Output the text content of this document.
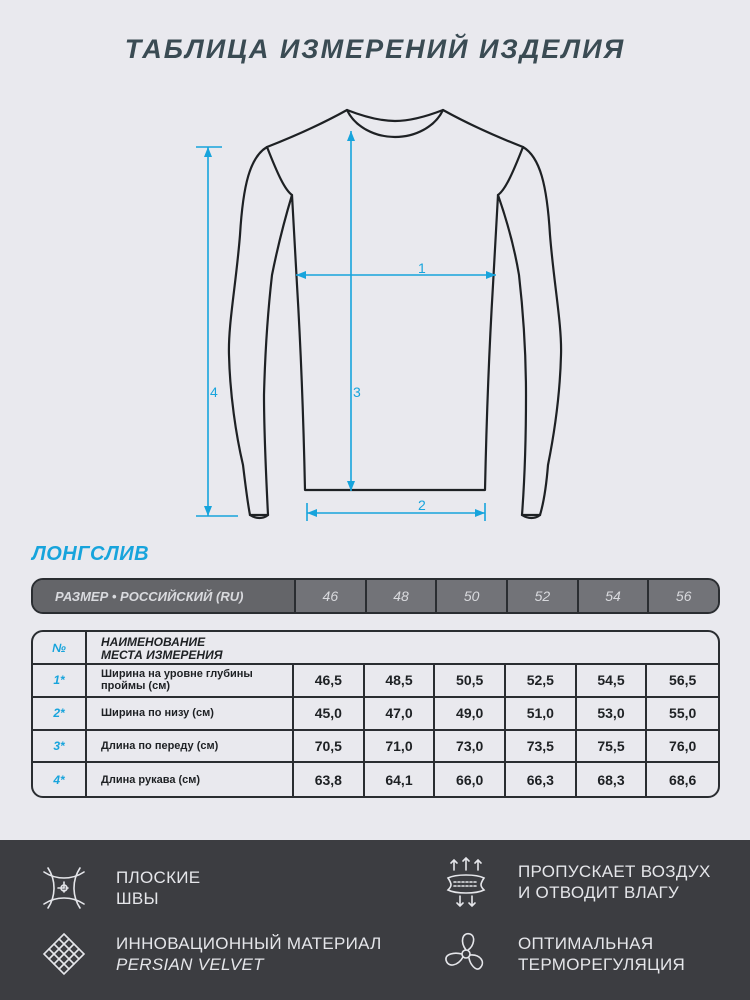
ТАБЛИЦА ИЗМЕРЕНИЙ ИЗДЕЛИЯ
1
2
3
4
ЛОНГСЛИВ
РАЗМЕР • РОССИЙСКИЙ (RU)	46	48	50	52	54	56
№	НАИМЕНОВАНИЕ
МЕСТА ИЗМЕРЕНИЯ
1*	Ширина на уровне глубины проймы (см)	46,5	48,5	50,5	52,5	54,5	56,5
2*	Ширина по низу (см)	45,0	47,0	49,0	51,0	53,0	55,0
3*	Длина по переду (см)	70,5	71,0	73,0	73,5	75,5	76,0
4*	Длина рукава (см)	63,8	64,1	66,0	66,3	68,3	68,6
ПЛОСКИЕ
ШВЫ
ПРОПУСКАЕТ ВОЗДУХ
И ОТВОДИТ ВЛАГУ
ИННОВАЦИОННЫЙ МАТЕРИАЛ
PERSIAN VELVET
ОПТИМАЛЬНАЯ
ТЕРМОРЕГУЛЯЦИЯ
